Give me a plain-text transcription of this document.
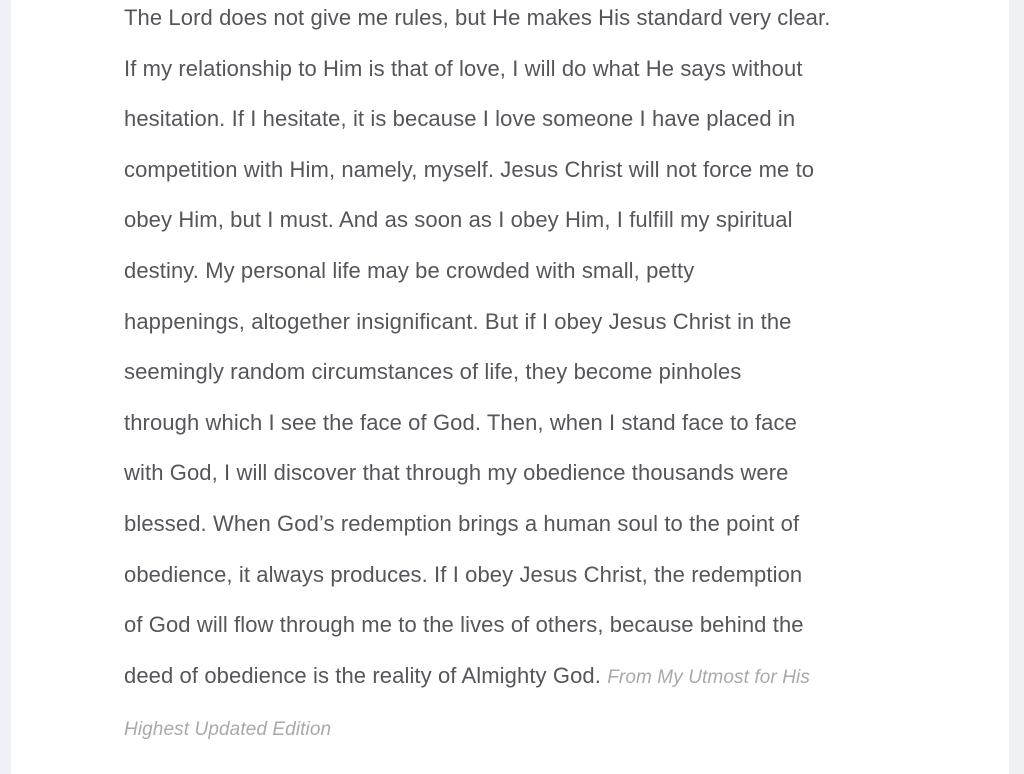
The Lord does not give me rules, but He makes His standard very clear.
If my relationship to Him is that of love, I will do what He says without
hesitation. If I hesitate, it is because I love someone I have placed in
competition with Him, namely, myself. Jesus Christ will not force me to
obey Him, but I must. And as soon as I obey Him, I fulfill my spiritual
destiny. My personal life may be crowded with small, petty
happenings, altogether insignificant. But if I obey Jesus Christ in the
seemingly random circumstances of life, they become pinholes
through which I see the face of God. Then, when I stand face to face
with God, I will discover that through my obedience thousands were
blessed. When God’s redemption brings a human soul to the point of
obedience, it always produces. If I obey Jesus Christ, the redemption
of God will flow through me to the lives of others, because behind the
deed of obedience is the reality of Almighty God. From My Utmost for His
Highest Updated Edition
